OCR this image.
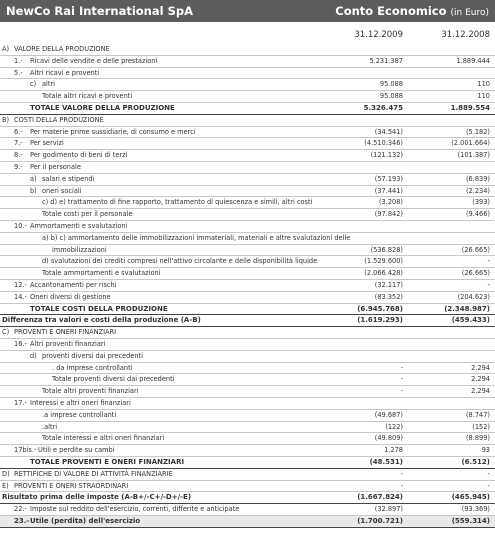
NewCo Rai International SpA	Conto Economico (in Euro)
31.12.2009	31.12.2008
A) VALORE DELLA PRODUZIONE
1.- Ricavi delle vendite e delle prestazioni	5.231.387	1.889.444
5.- Altri ricavi e proventi
c) altri	95.088	110
Totale altri ricavi e proventi	95.088	110
TOTALE VALORE DELLA PRODUZIONE	5.326.475	1.889.554
B) COSTI DELLA PRODUZIONE
6.- Per materie prime sussidiarie, di consumo e merci	(34.541)	(5.182)
7.- Per servizi	(4.510.346)	(2.001.664)
8.- Per godimento di beni di terzi	(121.132)	(101.387)
9.- Per il personale
a) salari e stipendi	(57.193)	(6.839)
b) oneri sociali	(37.441)	(2.234)
c) d) e) trattamento di fine rapporto, trattamento di quiescenza e simili, altri costi	(3.208)	(393)
Totale costi per il personale	(97.842)	(9.466)
10.- Ammortamenti e svalutazioni
a) b) c) ammortamento delle immobilizzazioni immateriali, materiali e altre svalutazioni delle
immobilizzazioni	(536.828)	(26.665)
d) svalutazioni dei crediti compresi nell'attivo circolante e delle disponibilità liquide	(1.529.600)	-
Totale ammortamenti e svalutazioni	(2.066.428)	(26.665)
12.- Accantonamenti per rischi	(32.117)	-
14.- Oneri diversi di gestione	(83.352)	(204.623)
TOTALE COSTI DELLA PRODUZIONE	(6.945.768)	(2.348.987)
Differenza tra valori e costi della produzione (A-B)	(1.619.293)	(459.433)
C) PROVENTI E ONERI FINANZIARI
16.- Altri proventi finanziari
d) proventi diversi dai precedenti
. da imprese controllanti	-	2.294
Totale proventi diversi dai precedenti	-	2.294
Totale altri proventi finanziari	-	2.294
17.- Interessi e altri oneri finanziari
.a imprese controllanti	(49.687)	(8.747)
.altri	(122)	(152)
Totale interessi e altri oneri finanziari	(49.809)	(8.899)
17bis.- Utili e perdite su cambi	1.278	93
TOTALE PROVENTI E ONERI FINANZIARI	(48.531)	(6.512)
D) RETTIFICHE DI VALORE DI ATTIVITÀ FINANZIARIE	-	-
E) PROVENTI E ONERI STRAORDINARI	-	-
Risultato prima delle imposte (A-B+/-C+/-D+/-E)	(1.667.824)	(465.945)
22.- Imposte sul reddito dell'esercizio, correnti, differite e anticipate	(32.897)	(93.369)
23.- Utile (perdita) dell'esercizio	(1.700.721)	(559.314)
